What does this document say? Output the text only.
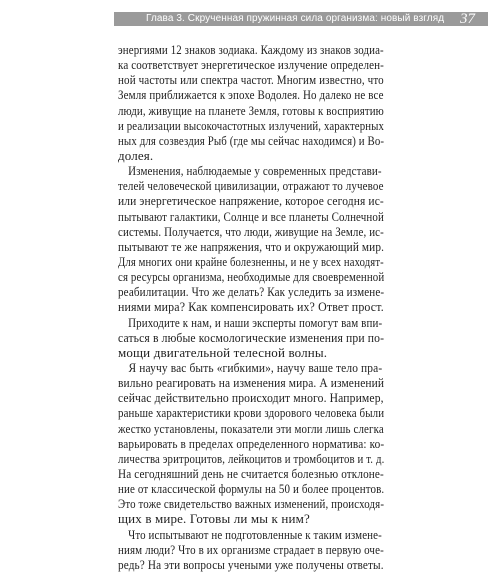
Глава 3. Скрученная пружинная сила организма: новый взгляд 37
энергиями 12 знаков зодиака. Каждому из знаков зодиа-
ка соответствует энергетическое излучение определен-
ной частоты или спектра частот. Многим известно, что
Земля приближается к эпохе Водолея. Но далеко не все
люди, живущие на планете Земля, готовы к восприятию
и реализации высокочастотных излучений, характерных
ных для созвездия Рыб (где мы сейчас находимся) и Во-
долея.
Изменения, наблюдаемые у современных представи-
телей человеческой цивилизации, отражают то лучевое
или энергетическое напряжение, которое сегодня ис-
пытывают галактики, Солнце и все планеты Солнечной
системы. Получается, что люди, живущие на Земле, ис-
пытывают те же напряжения, что и окружающий мир.
Для многих они крайне болезненны, и не у всех находят-
ся ресурсы организма, необходимые для своевременной
реабилитации. Что же делать? Как уследить за измене-
ниями мира? Как компенсировать их? Ответ прост.
Приходите к нам, и наши эксперты помогут вам впи-
саться в любые космологические изменения при по-
мощи двигательной телесной волны.
Я научу вас быть «гибкими», научу ваше тело пра-
вильно реагировать на изменения мира. А изменений
сейчас действительно происходит много. Например,
раньше характеристики крови здорового человека были
жестко установлены, показатели эти могли лишь слегка
варьировать в пределах определенного норматива: ко-
личества эритроцитов, лейкоцитов и тромбоцитов и т. д.
На сегодняшний день не считается болезнью отклоне-
ние от классической формулы на 50 и более процентов.
Это тоже свидетельство важных изменений, происходя-
щих в мире. Готовы ли мы к ним?
Что испытывают не подготовленные к таким измене-
ниям люди? Что в их организме страдает в первую оче-
редь? На эти вопросы учеными уже получены ответы.
